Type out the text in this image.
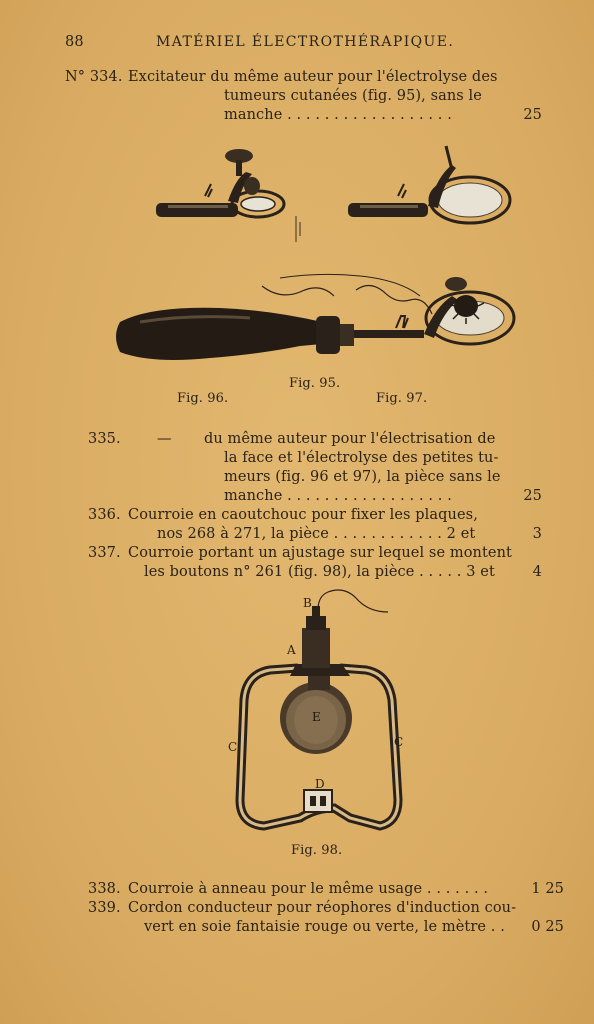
88	MATÉRIEL ÉLECTROTHÉRAPIQUE.
N° 334. Excitateur du même auteur pour l'électrolyse des
tumeurs cutanées (fig. 95), sans le
manche . . . . . . . . . . . . . . . . . .	25
Fig. 95.
Fig. 96.	Fig. 97.
335.	— du même auteur pour l'électrisation de
la face et l'électrolyse des petites tu-
meurs (fig. 96 et 97), la pièce sans le
manche . . . . . . . . . . . . . . . . . .	25
336. Courroie en caoutchouc pour fixer les plaques,
nos 268 à 271, la pièce . . . . . . . . . . . . 2 et	3
337. Courroie portant un ajustage sur lequel se montent
les boutons n° 261 (fig. 98), la pièce . . . . . 3 et	4
B
A
E
C	C
D
Fig. 98.
338. Courroie à anneau pour le même usage . . . . . . .	1 25
339. Cordon conducteur pour réophores d'induction cou-
vert en soie fantaisie rouge ou verte, le mètre . .	0 25
